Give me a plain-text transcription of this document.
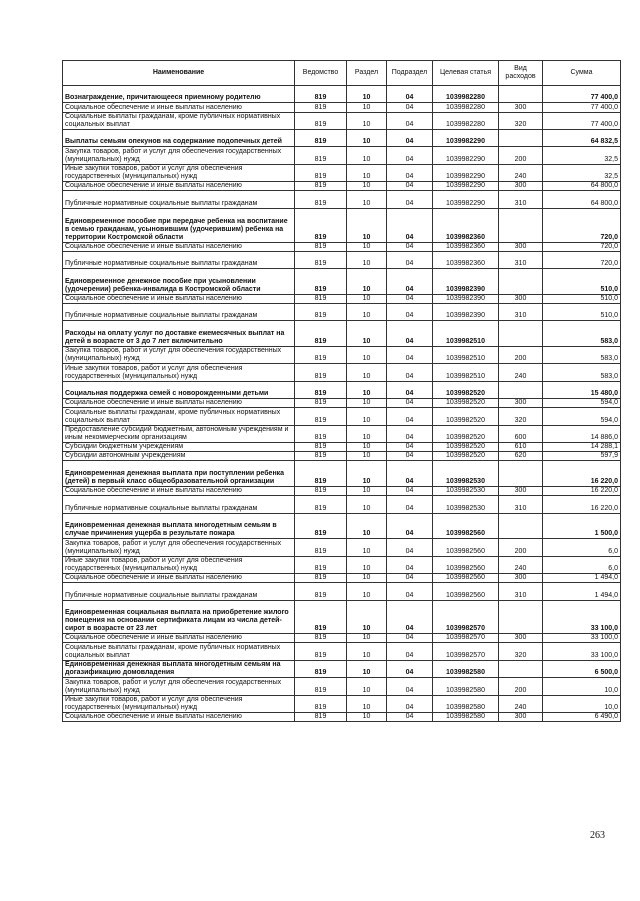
Наименование	Ведомство	Раздел	Подраздел	Целевая статья	Вид расходов	Сумма
Вознаграждение, причитающееся приемному родителю	819	10	04	1039982280		77 400,0
Социальное обеспечение и иные выплаты населению	819	10	04	1039982280	300	77 400,0
Социальные выплаты гражданам, кроме публичных нормативных социальных выплат	819	10	04	1039982280	320	77 400,0
Выплаты семьям опекунов на содержание подопечных детей	819	10	04	1039982290		64 832,5
Закупка товаров, работ и услуг для обеспечения государственных (муниципальных) нужд	819	10	04	1039982290	200	32,5
Иные закупки товаров, работ и услуг для обеспечения государственных (муниципальных) нужд	819	10	04	1039982290	240	32,5
Социальное обеспечение и иные выплаты населению	819	10	04	1039982290	300	64 800,0
Публичные нормативные социальные выплаты гражданам	819	10	04	1039982290	310	64 800,0
Единовременное пособие при передаче ребенка на воспитание в семью гражданам, усыновившим (удочерившим) ребенка на территории Костромской области	819	10	04	1039982360		720,0
Социальное обеспечение и иные выплаты населению	819	10	04	1039982360	300	720,0
Публичные нормативные социальные выплаты гражданам	819	10	04	1039982360	310	720,0
Единовременное денежное пособие при усыновлении (удочерении) ребенка-инвалида в Костромской области	819	10	04	1039982390		510,0
Социальное обеспечение и иные выплаты населению	819	10	04	1039982390	300	510,0
Публичные нормативные социальные выплаты гражданам	819	10	04	1039982390	310	510,0
Расходы на оплату услуг по доставке ежемесячных выплат на детей в возрасте от 3 до 7 лет включительно	819	10	04	1039982510		583,0
Закупка товаров, работ и услуг для обеспечения государственных (муниципальных) нужд	819	10	04	1039982510	200	583,0
Иные закупки товаров, работ и услуг для обеспечения государственных (муниципальных) нужд	819	10	04	1039982510	240	583,0
Социальная поддержка семей с новорожденными детьми	819	10	04	1039982520		15 480,0
Социальное обеспечение и иные выплаты населению	819	10	04	1039982520	300	594,0
Социальные выплаты гражданам, кроме публичных нормативных социальных выплат	819	10	04	1039982520	320	594,0
Предоставление субсидий бюджетным, автономным учреждениям и иным некоммерческим организациям	819	10	04	1039982520	600	14 886,0
Субсидии бюджетным учреждениям	819	10	04	1039982520	610	14 288,1
Субсидии автономным учреждениям	819	10	04	1039982520	620	597,9
Единовременная денежная выплата при поступлении ребенка (детей) в первый класс общеобразовательной организации	819	10	04	1039982530		16 220,0
Социальное обеспечение и иные выплаты населению	819	10	04	1039982530	300	16 220,0
Публичные нормативные социальные выплаты гражданам	819	10	04	1039982530	310	16 220,0
Единовременная денежная выплата многодетным семьям в случае причинения ущерба в результате пожара	819	10	04	1039982560		1 500,0
Закупка товаров, работ и услуг для обеспечения государственных (муниципальных) нужд	819	10	04	1039982560	200	6,0
Иные закупки товаров, работ и услуг для обеспечения государственных (муниципальных) нужд	819	10	04	1039982560	240	6,0
Социальное обеспечение и иные выплаты населению	819	10	04	1039982560	300	1 494,0
Публичные нормативные социальные выплаты гражданам	819	10	04	1039982560	310	1 494,0
Единовременная социальная выплата на приобретение жилого помещения на основании сертификата лицам из числа детей-сирот в возрасте от 23 лет	819	10	04	1039982570		33 100,0
Социальное обеспечение и иные выплаты населению	819	10	04	1039982570	300	33 100,0
Социальные выплаты гражданам, кроме публичных нормативных социальных выплат	819	10	04	1039982570	320	33 100,0
Единовременная денежная выплата многодетным семьям на догазификацию домовладения	819	10	04	1039982580		6 500,0
Закупка товаров, работ и услуг для обеспечения государственных (муниципальных) нужд	819	10	04	1039982580	200	10,0
Иные закупки товаров, работ и услуг для обеспечения государственных (муниципальных) нужд	819	10	04	1039982580	240	10,0
Социальное обеспечение и иные выплаты населению	819	10	04	1039982580	300	6 490,0
263
